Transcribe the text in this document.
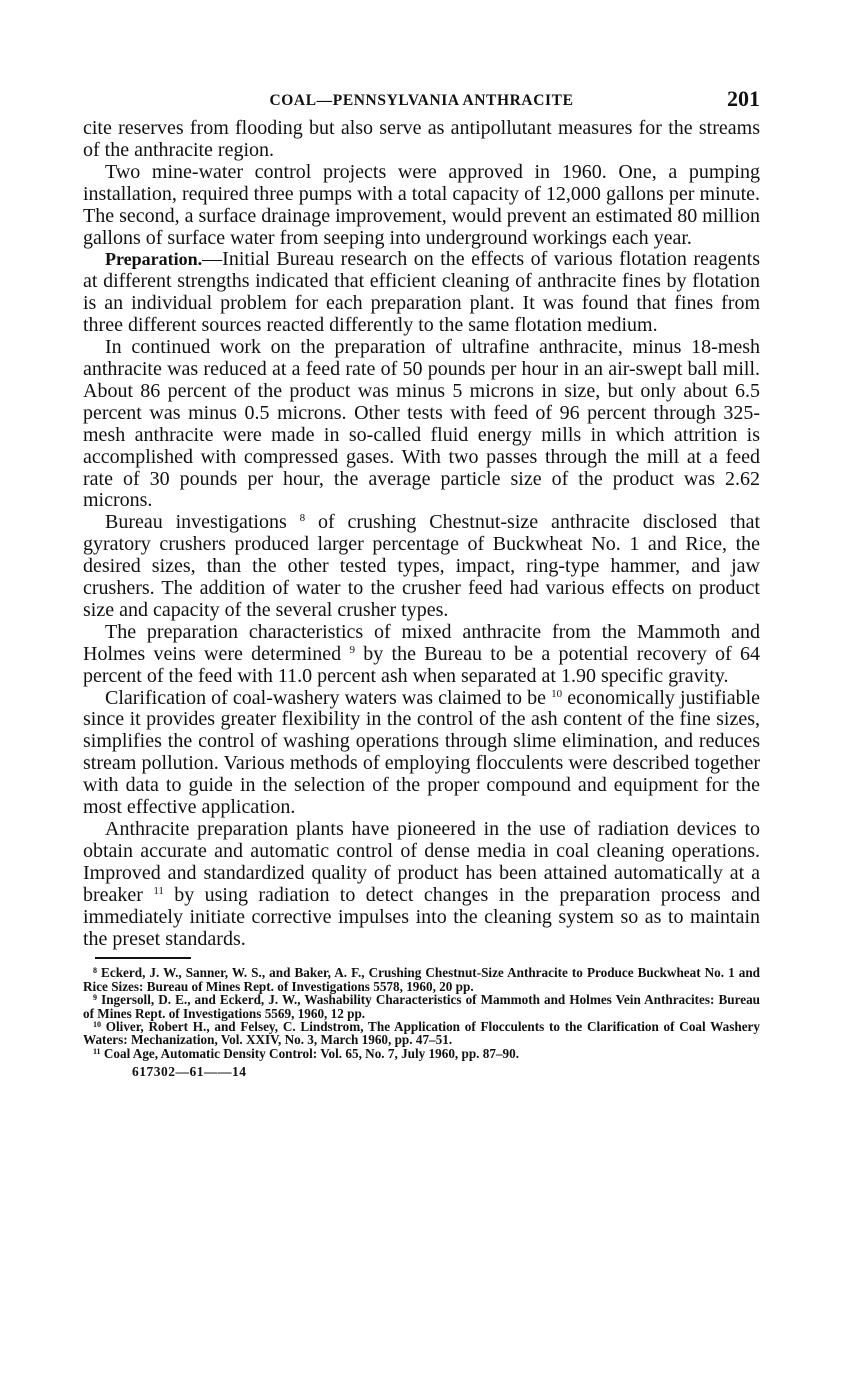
COAL—PENNSYLVANIA ANTHRACITE	201

cite reserves from flooding but also serve as antipollutant measures for the streams of the anthracite region.

Two mine-water control projects were approved in 1960. One, a pumping installation, required three pumps with a total capacity of 12,000 gallons per minute. The second, a surface drainage improvement, would prevent an estimated 80 million gallons of surface water from seeping into underground workings each year.

Preparation.—Initial Bureau research on the effects of various flotation reagents at different strengths indicated that efficient cleaning of anthracite fines by flotation is an individual problem for each preparation plant. It was found that fines from three different sources reacted differently to the same flotation medium.

In continued work on the preparation of ultrafine anthracite, minus 18-mesh anthracite was reduced at a feed rate of 50 pounds per hour in an air-swept ball mill. About 86 percent of the product was minus 5 microns in size, but only about 6.5 percent was minus 0.5 microns. Other tests with feed of 96 percent through 325-mesh anthracite were made in so-called fluid energy mills in which attrition is accomplished with compressed gases. With two passes through the mill at a feed rate of 30 pounds per hour, the average particle size of the product was 2.62 microns.

Bureau investigations $^8$ of crushing Chestnut-size anthracite disclosed that gyratory crushers produced larger percentage of Buckwheat No. 1 and Rice, the desired sizes, than the other tested types, impact, ring-type hammer, and jaw crushers. The addition of water to the crusher feed had various effects on product size and capacity of the several crusher types.

The preparation characteristics of mixed anthracite from the Mammoth and Holmes veins were determined $^9$ by the Bureau to be a potential recovery of 64 percent of the feed with 11.0 percent ash when separated at 1.90 specific gravity.

Clarification of coal-washery waters was claimed to be $^{10}$ economically justifiable since it provides greater flexibility in the control of the ash content of the fine sizes, simplifies the control of washing operations through slime elimination, and reduces stream pollution. Various methods of employing flocculents were described together with data to guide in the selection of the proper compound and equipment for the most effective application.

Anthracite preparation plants have pioneered in the use of radiation devices to obtain accurate and automatic control of dense media in coal cleaning operations. Improved and standardized quality of product has been attained automatically at a breaker $^{11}$ by using radiation to detect changes in the preparation process and immediately initiate corrective impulses into the cleaning system so as to maintain the preset standards.

$^8$ Eckerd, J. W., Sanner, W. S., and Baker, A. F., Crushing Chestnut-Size Anthracite to Produce Buckwheat No. 1 and Rice Sizes: Bureau of Mines Rept. of Investigations 5578, 1960, 20 pp.

$^9$ Ingersoll, D. E., and Eckerd, J. W., Washability Characteristics of Mammoth and Holmes Vein Anthracites: Bureau of Mines Rept. of Investigations 5569, 1960, 12 pp.

$^{10}$ Oliver, Robert H., and Felsey, C. Lindstrom, The Application of Flocculents to the Clarification of Coal Washery Waters: Mechanization, Vol. XXIV, No. 3, March 1960, pp. 47–51.

$^{11}$ Coal Age, Automatic Density Control: Vol. 65, No. 7, July 1960, pp. 87–90.

617302—61——14
